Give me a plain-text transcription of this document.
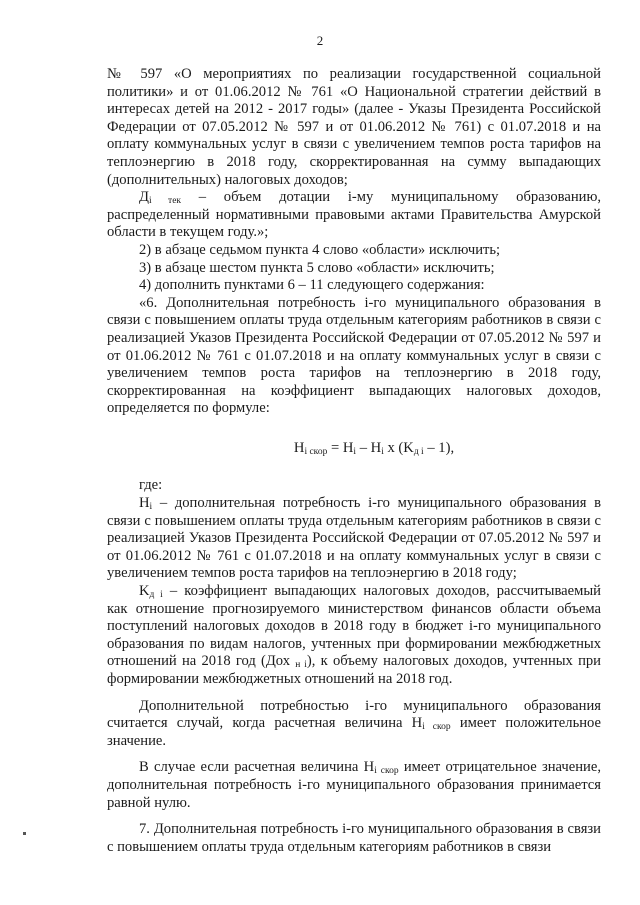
2

№ 597 «О мероприятиях по реализации государственной социальной политики» и от 01.06.2012 № 761 «О Национальной стратегии действий в интересах детей на 2012 - 2017 годы» (далее - Указы Президента Российской Федерации от 07.05.2012 № 597 и от 01.06.2012 № 761) с 01.07.2018 и на оплату коммунальных услуг в связи с увеличением темпов роста тарифов на теплоэнергию в 2018 году, скорректированная на сумму выпадающих (дополнительных) налоговых доходов;

$Д_{i тек}$ – объем дотации i-му муниципальному образованию, распределенный нормативными правовыми актами Правительства Амурской области в текущем году.»;

2) в абзаце седьмом пункта 4 слово «области» исключить;

3) в абзаце шестом пункта 5 слово «области» исключить;

4) дополнить пунктами 6 – 11 следующего содержания:

«6. Дополнительная потребность i-го муниципального образования в связи с повышением оплаты труда отдельным категориям работников в связи с реализацией Указов Президента Российской Федерации от 07.05.2012 № 597 и от 01.06.2012 № 761 с 01.07.2018 и на оплату коммунальных услуг в связи с увеличением темпов роста тарифов на теплоэнергию в 2018 году, скорректированная на коэффициент выпадающих налоговых доходов, определяется по формуле:

$H_{i скор} = H_i - H_i$ x $(K_{д i} - 1)$,

где:

$H_i$ – дополнительная потребность i-го муниципального образования в связи с повышением оплаты труда отдельным категориям работников в связи с реализацией Указов Президента Российской Федерации от 07.05.2012 № 597 и от 01.06.2012 № 761 с 01.07.2018 и на оплату коммунальных услуг в связи с увеличением темпов роста тарифов на теплоэнергию в 2018 году;

$K_{д i}$ – коэффициент выпадающих налоговых доходов, рассчитываемый как отношение прогнозируемого министерством финансов области объема поступлений налоговых доходов в 2018 году в бюджет i-го муниципального образования по видам налогов, учтенных при формировании межбюджетных отношений на 2018 год (Дох $_{н i}$), к объему налоговых доходов, учтенных при формировании межбюджетных отношений на 2018 год.

Дополнительной потребностью i-го муниципального образования считается случай, когда расчетная величина $H_{i скор}$ имеет положительное значение.

В случае если расчетная величина $H_{i скор}$ имеет отрицательное значение, дополнительная потребность i-го муниципального образования принимается равной нулю.

7. Дополнительная потребность i-го муниципального образования в связи с повышением оплаты труда отдельным категориям работников в связи
